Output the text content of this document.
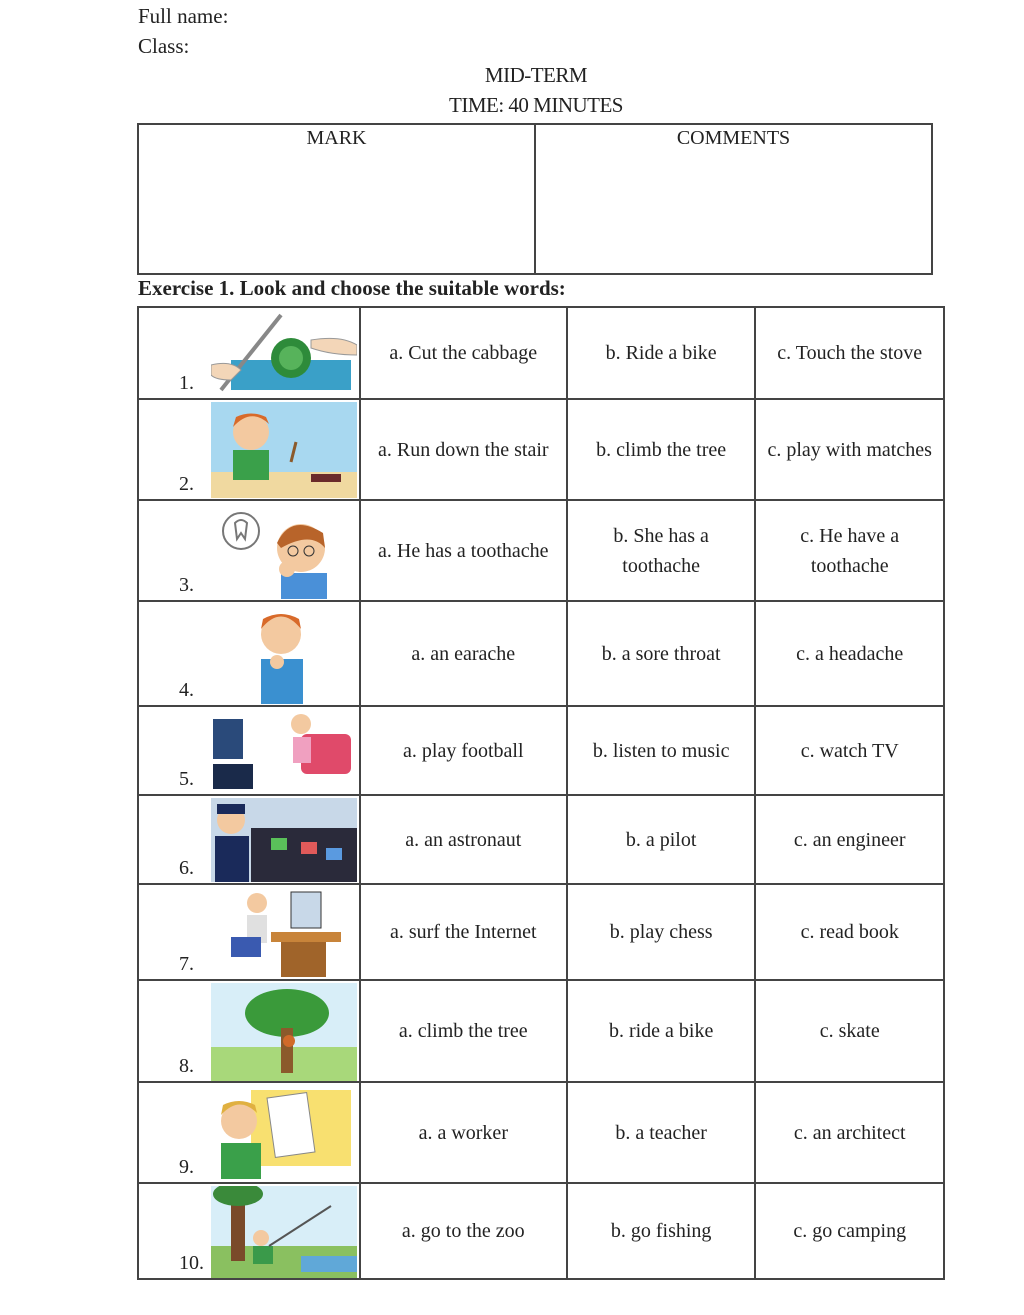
Full name:
Class:
MID-TERM
TIME: 40 MINUTES
MARK	COMMENTS
Exercise 1. Look and choose the suitable words:
1.	a. Cut the cabbage	b. Ride a bike	c. Touch the stove

2.	a. Run down the stair	b. climb the tree	c. play with matches

3.	a. He has a toothache	b. She has a toothache	c. He have a toothache

4.	a. an earache	b. a sore throat	c. a headache

5.	a. play football	b. listen to music	c. watch TV

6.	a. an astronaut	b. a pilot	c. an engineer

7.	a. surf the Internet	b. play chess	c. read book

8.	a. climb the tree	b. ride a bike	c. skate

9.	a. a worker	b. a teacher	c. an architect

10.	a. go to the zoo	b. go fishing	c. go camping
